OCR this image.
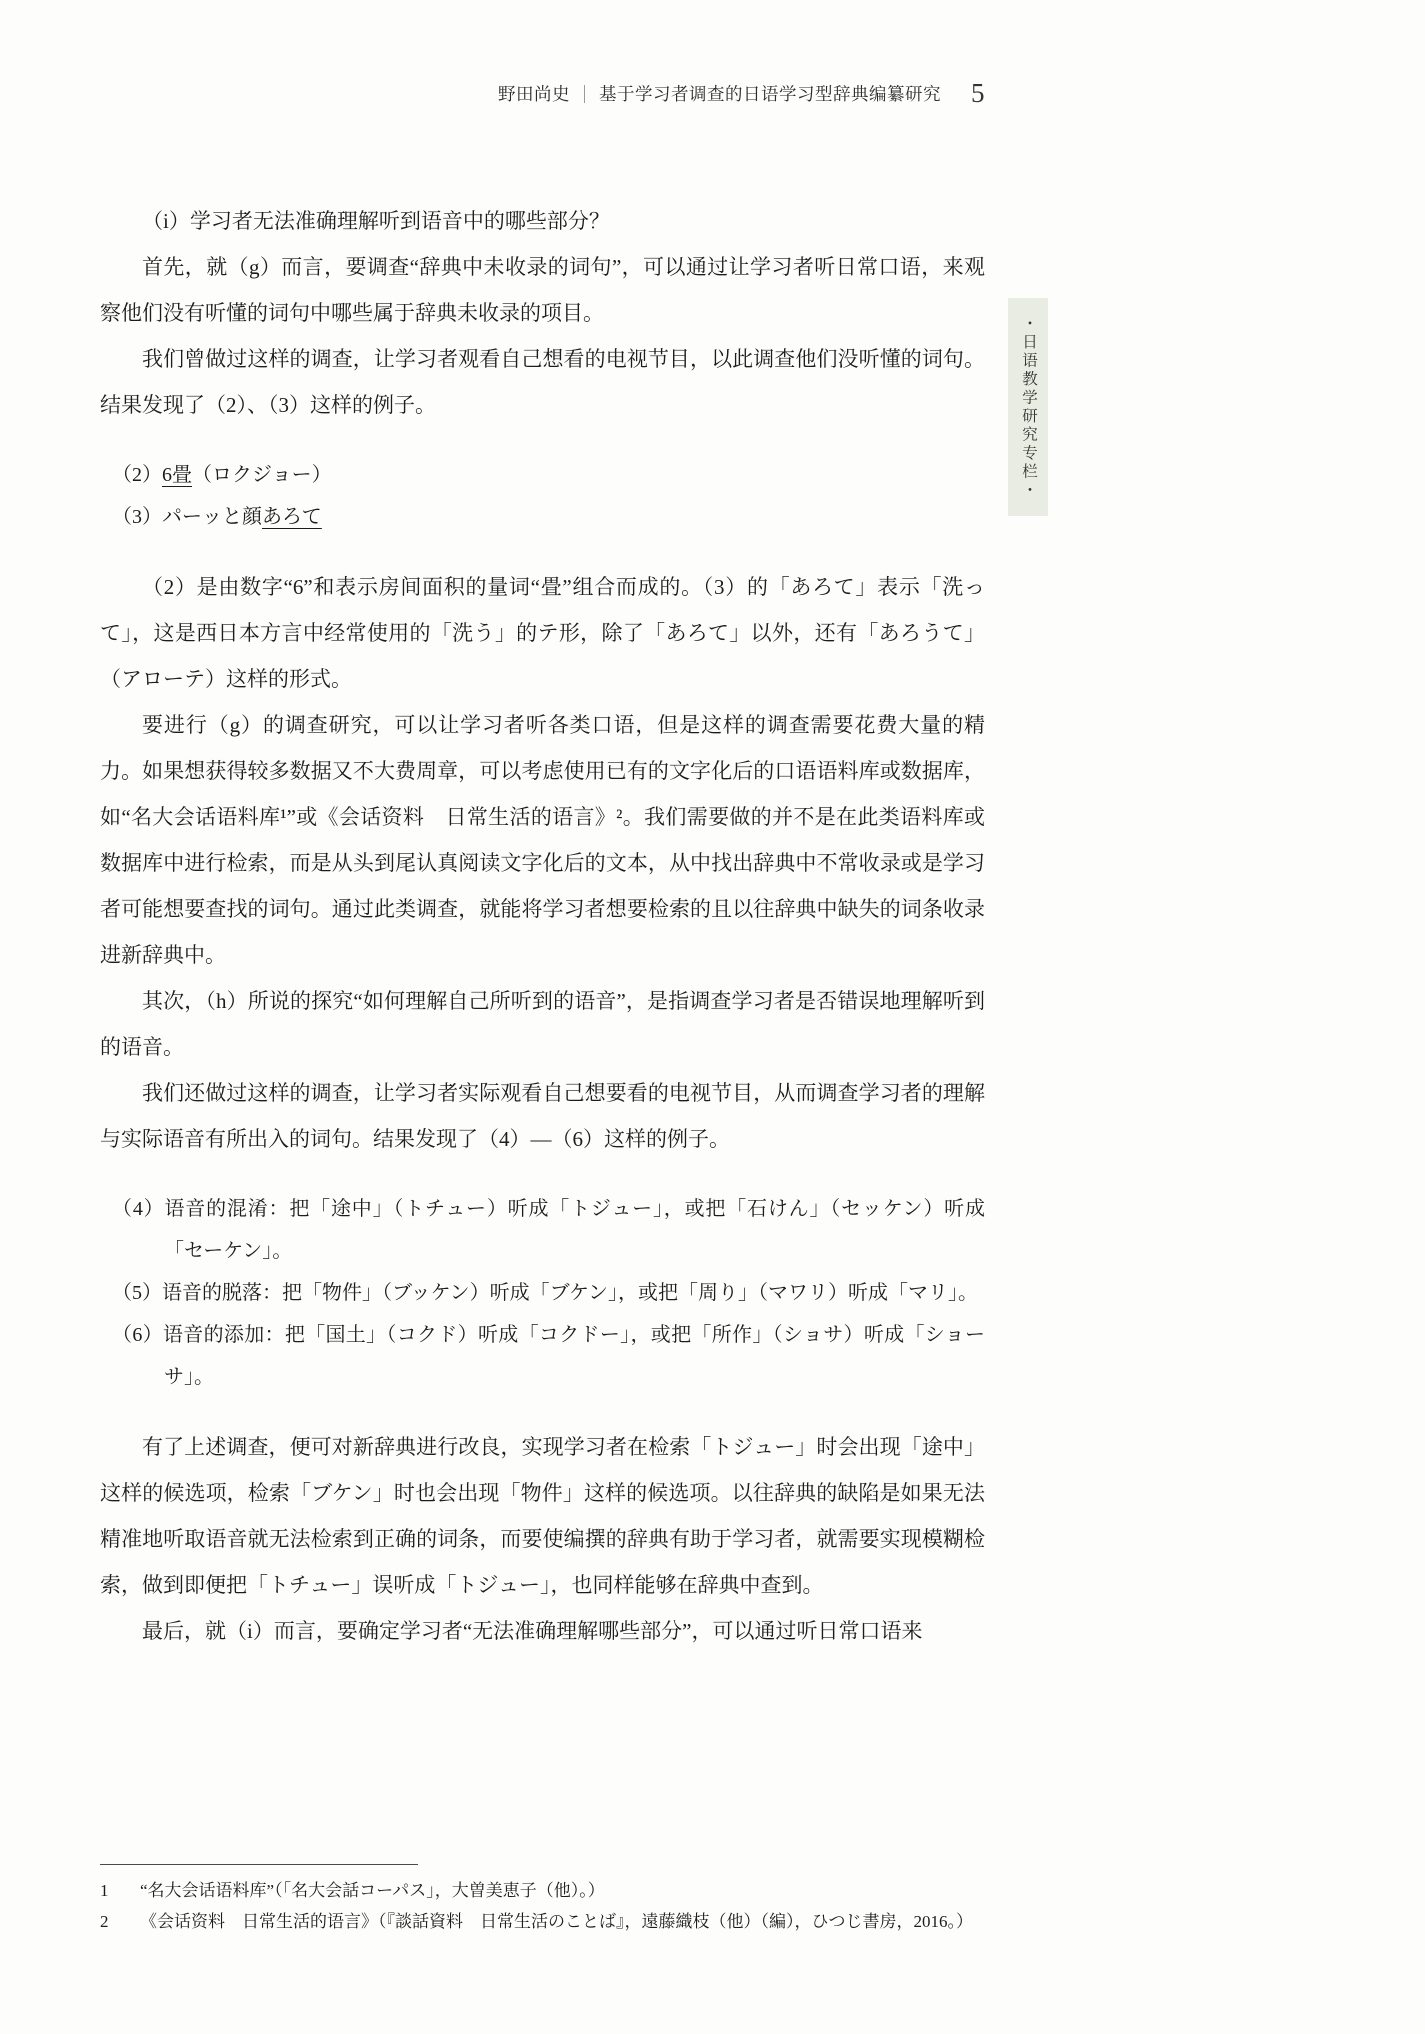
野田尚史 基于学习者调查的日语学习型辞典编纂研究 5
・日语教学研究专栏・

（i）学习者无法准确理解听到语音中的哪些部分？

首先，就（g）而言，要调查“辞典中未收录的词句”，可以通过让学习者听日常口语，来观察他们没有听懂的词句中哪些属于辞典未收录的项目。

我们曾做过这样的调查，让学习者观看自己想看的电视节目，以此调查他们没听懂的词句。结果发现了（2）、（3）这样的例子。

（2）6畳（ロクジョー）

（3）パーッと顔あろて

（2）是由数字“6”和表示房间面积的量词“畳”组合而成的。（3）的「あろて」表示「洗って」，这是西日本方言中经常使用的「洗う」的テ形，除了「あろて」以外，还有「あろうて」（アローテ）这样的形式。

要进行（g）的调查研究，可以让学习者听各类口语，但是这样的调查需要花费大量的精力。如果想获得较多数据又不大费周章，可以考虑使用已有的文字化后的口语语料库或数据库，如“名大会话语料库¹”或《会话资料　日常生活的语言》²。我们需要做的并不是在此类语料库或数据库中进行检索，而是从头到尾认真阅读文字化后的文本，从中找出辞典中不常收录或是学习者可能想要查找的词句。通过此类调查，就能将学习者想要检索的且以往辞典中缺失的词条收录进新辞典中。

其次，（h）所说的探究“如何理解自己所听到的语音”，是指调查学习者是否错误地理解听到的语音。

我们还做过这样的调查，让学习者实际观看自己想要看的电视节目，从而调查学习者的理解与实际语音有所出入的词句。结果发现了（4）—（6）这样的例子。

（4）语音的混淆：把「途中」（トチュー）听成「トジュー」，或把「石けん」（セッケン）听成「セーケン」。

（5）语音的脱落：把「物件」（ブッケン）听成「ブケン」，或把「周り」（マワリ）听成「マリ」。

（6）语音的添加：把「国土」（コクド）听成「コクドー」，或把「所作」（ショサ）听成「ショーサ」。

有了上述调查，便可对新辞典进行改良，实现学习者在检索「トジュー」时会出现「途中」这样的候选项，检索「ブケン」时也会出现「物件」这样的候选项。以往辞典的缺陷是如果无法精准地听取语音就无法检索到正确的词条，而要使编撰的辞典有助于学习者，就需要实现模糊检索，做到即便把「トチュー」误听成「トジュー」，也同样能够在辞典中查到。

最后，就（i）而言，要确定学习者“无法准确理解哪些部分”，可以通过听日常口语来

1	“名大会话语料库”（「名大会話コーパス」，大曽美恵子（他）。）
2	《会话资料　日常生活的语言》（『談話資料　日常生活のことば』，遠藤織枝（他）（編），ひつじ書房，2016。）
